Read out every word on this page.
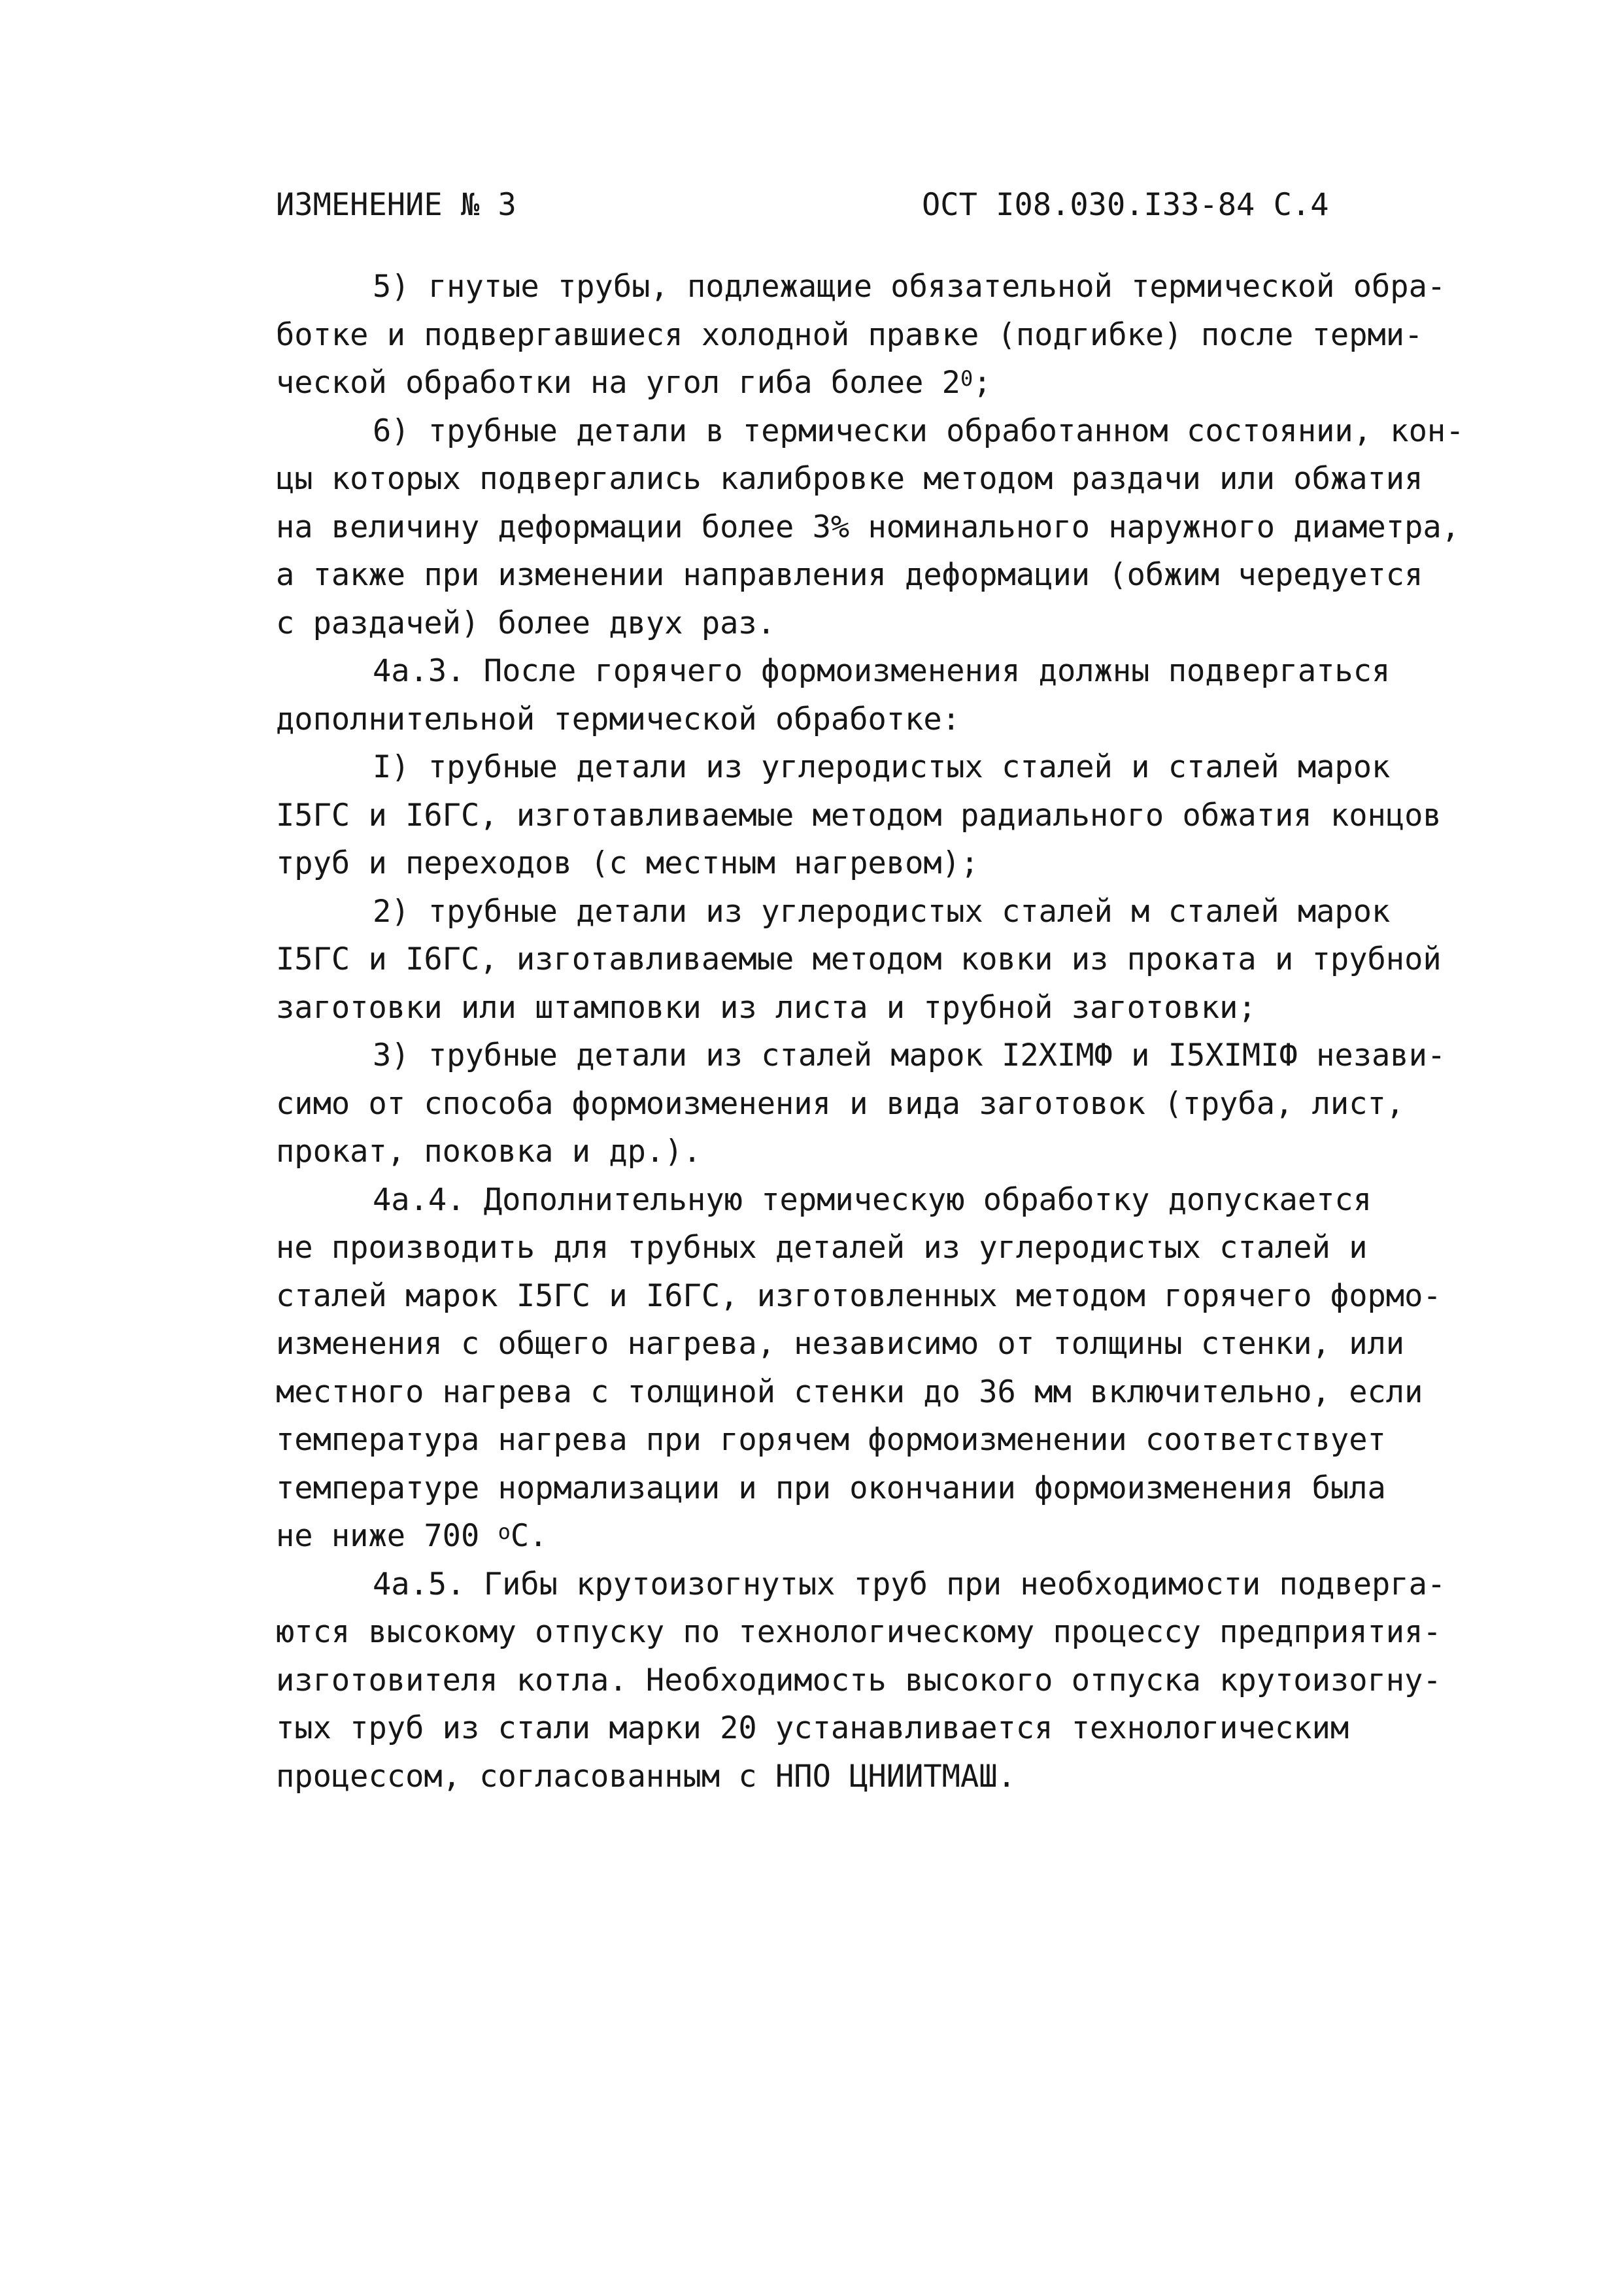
ИЗМЕНЕНИЕ № 3	ОСТ I08.030.I33-84 С.4
5) гнутые трубы, подлежащие обязательной термической обра-
ботке и подвергавшиеся холодной правке (подгибке) после терми-
ческой обработки на угол гиба более $2^0$;
6) трубные детали в термически обработанном состоянии, кон-
цы которых подвергались калибровке методом раздачи или обжатия
на величину деформации более 3% номинального наружного диаметра,
а также при изменении направления деформации (обжим чередуется
с раздачей) более двух раз.
4а.3. После горячего формоизменения должны подвергаться
дополнительной термической обработке:
I) трубные детали из углеродистых сталей и сталей марок
I5ГС и I6ГС, изготавливаемые методом радиального обжатия концов
труб и переходов (с местным нагревом);
2) трубные детали из углеродистых сталей м сталей марок
I5ГС и I6ГС, изготавливаемые методом ковки из проката и трубной
заготовки или штамповки из листа и трубной заготовки;
3) трубные детали из сталей марок I2XIМФ и I5XIМIФ незави-
симо от способа формоизменения и вида заготовок (труба, лист,
прокат, поковка и др.).
4а.4. Дополнительную термическую обработку допускается
не производить для трубных деталей из углеродистых сталей и
сталей марок I5ГС и I6ГС, изготовленных методом горячего формо-
изменения с общего нагрева, независимо от толщины стенки, или
местного нагрева с толщиной стенки до 36 мм включительно, если
температура нагрева при горячем формоизменении соответствует
температуре нормализации и при окончании формоизменения была
не ниже 700 $^о$С.
4а.5. Гибы крутоизогнутых труб при необходимости подверга-
ются высокому отпуску по технологическому процессу предприятия-
изготовителя котла. Необходимость высокого отпуска крутоизогну-
тых труб из стали марки 20 устанавливается технологическим
процессом, согласованным с НПО ЦНИИТМАШ.
